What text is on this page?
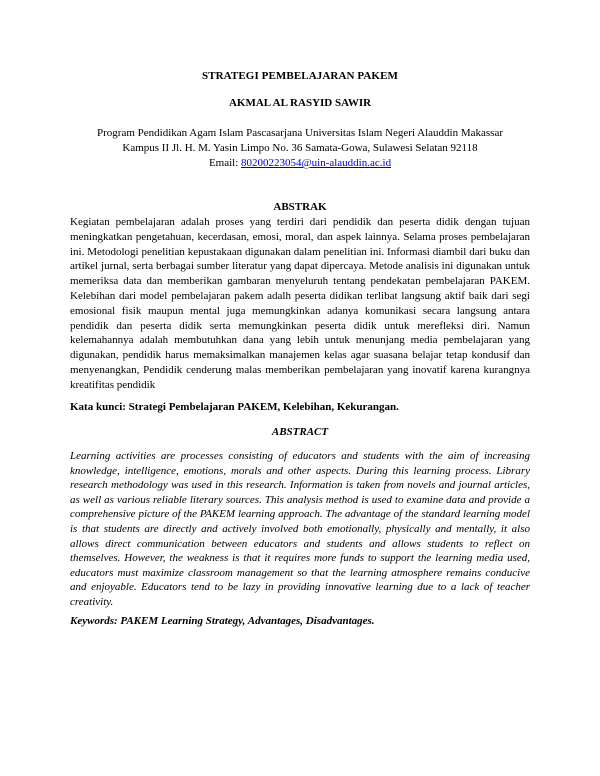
STRATEGI PEMBELAJARAN PAKEM
AKMAL AL RASYID SAWIR
Program Pendidikan Agam Islam Pascasarjana Universitas Islam Negeri Alauddin Makassar
Kampus II Jl. H. M. Yasin Limpo No. 36 Samata-Gowa, Sulawesi Selatan 92118
Email: 80200223054@uin-alauddin.ac.id
ABSTRAK
Kegiatan pembelajaran adalah proses yang terdiri dari pendidik dan peserta didik dengan tujuan meningkatkan pengetahuan, kecerdasan, emosi, moral, dan aspek lainnya. Selama proses pembelajaran ini. Metodologi penelitian kepustakaan digunakan dalam penelitian ini. Informasi diambil dari buku dan artikel jurnal, serta berbagai sumber literatur yang dapat dipercaya. Metode analisis ini digunakan untuk memeriksa data dan memberikan gambaran menyeluruh tentang pendekatan pembelajaran PAKEM. Kelebihan dari model pembelajaran pakem adalh peserta didikan terlibat langsung aktif baik dari segi emosional fisik maupun mental juga memungkinkan adanya komunikasi secara langsung antara pendidik dan peserta didik serta memungkinkan peserta didik untuk merefleksi diri. Namun kelemahannya adalah membutuhkan dana yang lebih untuk menunjang media pembelajaran yang digunakan, pendidik harus memaksimalkan manajemen kelas agar suasana belajar tetap kondusif dan menyenangkan, Pendidik cenderung malas memberikan pembelajaran yang inovatif karena kurangnya kreatifitas pendidik
Kata kunci: Strategi Pembelajaran PAKEM, Kelebihan, Kekurangan.
ABSTRACT
Learning activities are processes consisting of educators and students with the aim of increasing knowledge, intelligence, emotions, morals and other aspects. During this learning process. Library research methodology was used in this research. Information is taken from novels and journal articles, as well as various reliable literary sources. This analysis method is used to examine data and provide a comprehensive picture of the PAKEM learning approach. The advantage of the standard learning model is that students are directly and actively involved both emotionally, physically and mentally, it also allows direct communication between educators and students and allows students to reflect on themselves. However, the weakness is that it requires more funds to support the learning media used, educators must maximize classroom management so that the learning atmosphere remains conducive and enjoyable. Educators tend to be lazy in providing innovative learning due to a lack of teacher creativity.
Keywords: PAKEM Learning Strategy, Advantages, Disadvantages.
